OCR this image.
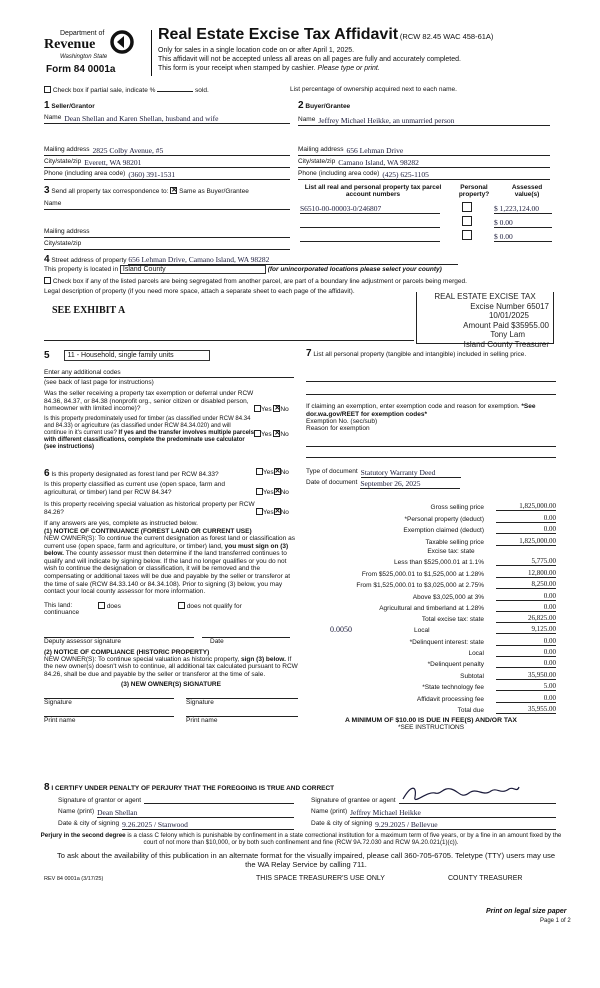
Department of
Revenue
Washington State
Form 84 0001a
Real Estate Excise Tax Affidavit (RCW 82.45 WAC 458-61A)
Only for sales in a single location code on or after April 1, 2025.
This affidavit will not be accepted unless all areas on all pages are fully and accurately completed.
This form is your receipt when stamped by cashier. Please type or print.
Check box if partial sale, indicate %	sold.	List percentage of ownership acquired next to each name.
1 Seller/Grantor
Name Dean Shellan and Karen Shellan, husband and wife
Mailing address 2825 Colby Avenue, #5
City/state/zip Everett, WA 98201
Phone (including area code) (360) 391-1531
2 Buyer/Grantee
Name Jeffrey Michael Heikke, an unmarried person
Mailing address 656 Lehman Drive
City/state/zip Camano Island, WA 98282
Phone (including area code) (425) 625-1105
3 Send all property tax correspondence to: ✕ Same as Buyer/Grantee
Name
Mailing address
City/state/zip
List all real and personal property tax parcel account numbers
Personal property?
Assessed value(s)
S6510-00-00003-0/246807	$ 1,223,124.00
$ 0.00
$ 0.00
4 Street address of property 656 Lehman Drive, Camano Island, WA 98282
This property is located in Island County	(for unincorporated locations please select your county)
Check box if any of the listed parcels are being segregated from another parcel, are part of a boundary line adjustment or parcels being merged.
Legal description of property (if you need more space, attach a separate sheet to each page of the affidavit).
SEE EXHIBIT A
REAL ESTATE EXCISE TAX
Excise Number 65017
10/01/2025
Amount Paid $35955.00
Tony Lam
Island County Treasurer
5	11 - Household, single family units
Enter any additional codes
(see back of last page for instructions)
Was the seller receiving a property tax exemption or deferral under RCW 84.36, 84.37, or 84.38 (nonprofit org., senior citizen or disabled person, homeowner with limited income)?	Yes ✕ No
Is this property predominately used for timber (as classified under RCW 84.34 and 84.33) or agriculture (as classified under RCW 84.34.020) and will continue in it's current use? If yes and the transfer involves multiple parcels with different classifications, complete the predominate use calculator (see instructions)
Yes ✕ No
6 Is this property designated as forest land per RCW 84.33?	Yes ✕ No
Is this property classified as current use (open space, farm and agricultural, or timber) land per RCW 84.34?	Yes ✕ No
Is this property receiving special valuation as historical property per RCW 84.26?	Yes ✕ No
If any answers are yes, complete as instructed below.
(1) NOTICE OF CONTINUANCE (FOREST LAND OR CURRENT USE)
NEW OWNER(S): To continue the current designation as forest land or classification as current use (open space, farm and agriculture, or timber) land, you must sign on (3) below. The county assessor must then determine if the land transferred continues to qualify and will indicate by signing below. If the land no longer qualifies or you do not wish to continue the designation or classification, it will be removed and the compensating or additional taxes will be due and payable by the seller or transferor at the time of sale (RCW 84.33.140 or 84.34.108). Prior to signing (3) below, you may contact your local county assessor for more information.
This land:
continuance
does	does not qualify for
Deputy assessor signature	Date
(2) NOTICE OF COMPLIANCE (HISTORIC PROPERTY)
NEW OWNER(S): To continue special valuation as historic property, sign (3) below. If the new owner(s) doesn't wish to continue, all additional tax calculated pursuant to RCW 84.26, shall be due and payable by the seller or transferor at the time of sale.
(3) NEW OWNER(S) SIGNATURE
Signature	Signature
Print name	Print name
7 List all personal property (tangible and intangible) included in selling price.
If claiming an exemption, enter exemption code and reason for exemption. *See dor.wa.gov/REET for exemption codes*
Exemption No. (sec/sub)
Reason for exemption
Type of document Statutory Warranty Deed
Date of document September 26, 2025
Gross selling price	1,825,000.00
*Personal property (deduct)	0.00
Exemption claimed (deduct)	0.00
Taxable selling price	1,825,000.00
Excise tax: state
Less than $525,000.01 at 1.1%	5,775.00
From $525,000.01 to $1,525,000 at 1.28%	12,800.00
From $1,525,000.01 to $3,025,000 at 2.75%	8,250.00
Above $3,025,000 at 3%	0.00
Agricultural and timberland at 1.28%	0.00
Total excise tax: state	26,825.00
0.0050	Local	9,125.00
*Delinquent interest: state	0.00
Local	0.00
*Delinquent penalty	0.00
Subtotal	35,950.00
*State technology fee	5.00
Affidavit processing fee	0.00
Total due	35,955.00
A MINIMUM OF $10.00 IS DUE IN FEE(S) AND/OR TAX
*SEE INSTRUCTIONS
8 I CERTIFY UNDER PENALTY OF PERJURY THAT THE FOREGOING IS TRUE AND CORRECT
Signature of grantor or agent
Name (print) Dean Shellan
Date & city of signing 9.26.2025 / Stanwood
Signature of grantee or agent
Name (print) Jeffrey Michael Heikke
Date & city of signing 9.29.2025 / Bellevue
Perjury in the second degree is a class C felony which is punishable by confinement in a state correctional institution for a maximum term of five years, or by a fine in an amount fixed by the court of not more than $10,000, or by both such confinement and fine (RCW 9A.72.030 and RCW 9A.20.021(1)(c)).
To ask about the availability of this publication in an alternate format for the visually impaired, please call 360-705-6705. Teletype (TTY) users may use the WA Relay Service by calling 711.
REV 84 0001a (3/17/25)	THIS SPACE TREASURER'S USE ONLY	COUNTY TREASURER
Print on legal size paper
Page 1 of 2
